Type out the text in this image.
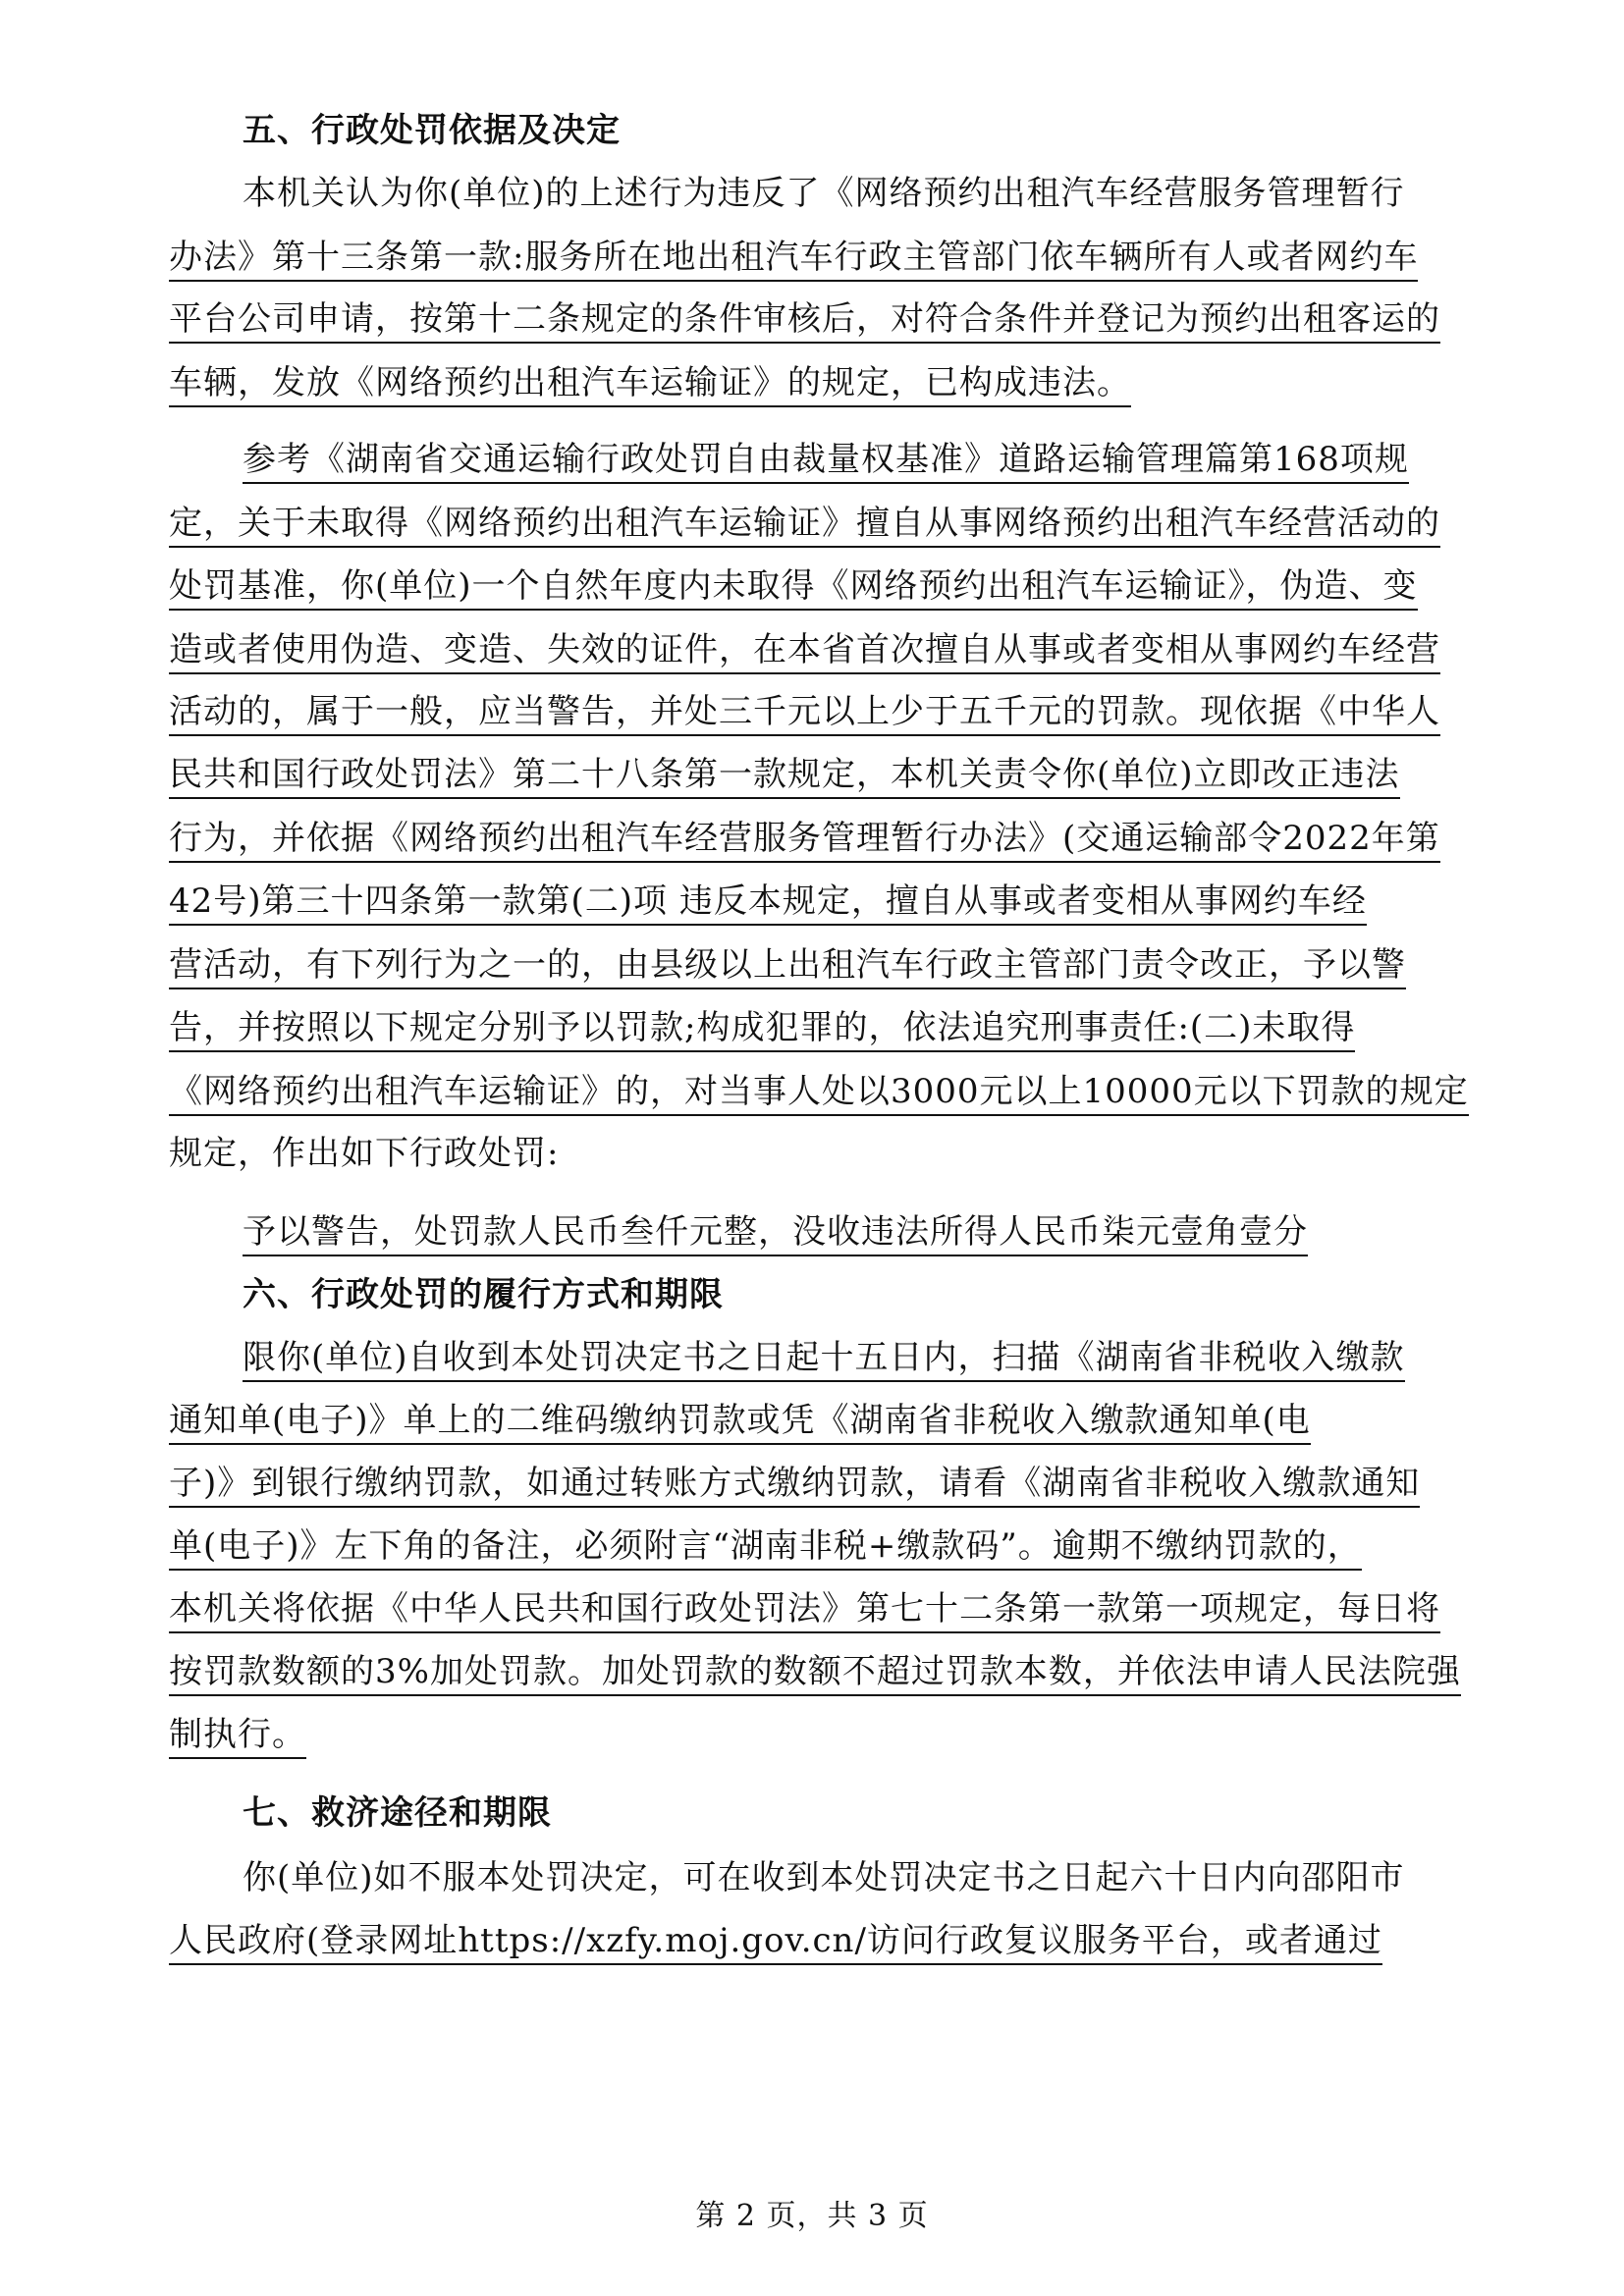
五、行政处罚依据及决定
本机关认为你(单位)的上述行为违反了《网络预约出租汽车经营服务管理暂行
办法》第十三条第一款:服务所在地出租汽车行政主管部门依车辆所有人或者网约车
平台公司申请，按第十二条规定的条件审核后，对符合条件并登记为预约出租客运的
车辆，发放《网络预约出租汽车运输证》的规定，已构成违法。
参考《湖南省交通运输行政处罚自由裁量权基准》道路运输管理篇第168项规
定，关于未取得《网络预约出租汽车运输证》擅自从事网络预约出租汽车经营活动的
处罚基准，你(单位)一个自然年度内未取得《网络预约出租汽车运输证》，伪造、变
造或者使用伪造、变造、失效的证件，在本省首次擅自从事或者变相从事网约车经营
活动的，属于一般，应当警告，并处三千元以上少于五千元的罚款。现依据《中华人
民共和国行政处罚法》第二十八条第一款规定，本机关责令你(单位)立即改正违法
行为，并依据《网络预约出租汽车经营服务管理暂行办法》(交通运输部令2022年第
42号)第三十四条第一款第(二)项 违反本规定，擅自从事或者变相从事网约车经
营活动，有下列行为之一的，由县级以上出租汽车行政主管部门责令改正，予以警
告，并按照以下规定分别予以罚款;构成犯罪的，依法追究刑事责任:(二)未取得
《网络预约出租汽车运输证》的，对当事人处以3000元以上10000元以下罚款的规定
规定，作出如下行政处罚:
予以警告，处罚款人民币叁仟元整，没收违法所得人民币柒元壹角壹分
六、行政处罚的履行方式和期限
限你(单位)自收到本处罚决定书之日起十五日内，扫描《湖南省非税收入缴款
通知单(电子)》单上的二维码缴纳罚款或凭《湖南省非税收入缴款通知单(电
子)》到银行缴纳罚款，如通过转账方式缴纳罚款，请看《湖南省非税收入缴款通知
单(电子)》左下角的备注，必须附言“湖南非税+缴款码”。逾期不缴纳罚款的，
本机关将依据《中华人民共和国行政处罚法》第七十二条第一款第一项规定，每日将
按罚款数额的3%加处罚款。加处罚款的数额不超过罚款本数，并依法申请人民法院强
制执行。
七、救济途径和期限
你(单位)如不服本处罚决定，可在收到本处罚决定书之日起六十日内向邵阳市
人民政府(登录网址https://xzfy.moj.gov.cn/访问行政复议服务平台，或者通过
第 2 页，共 3 页
